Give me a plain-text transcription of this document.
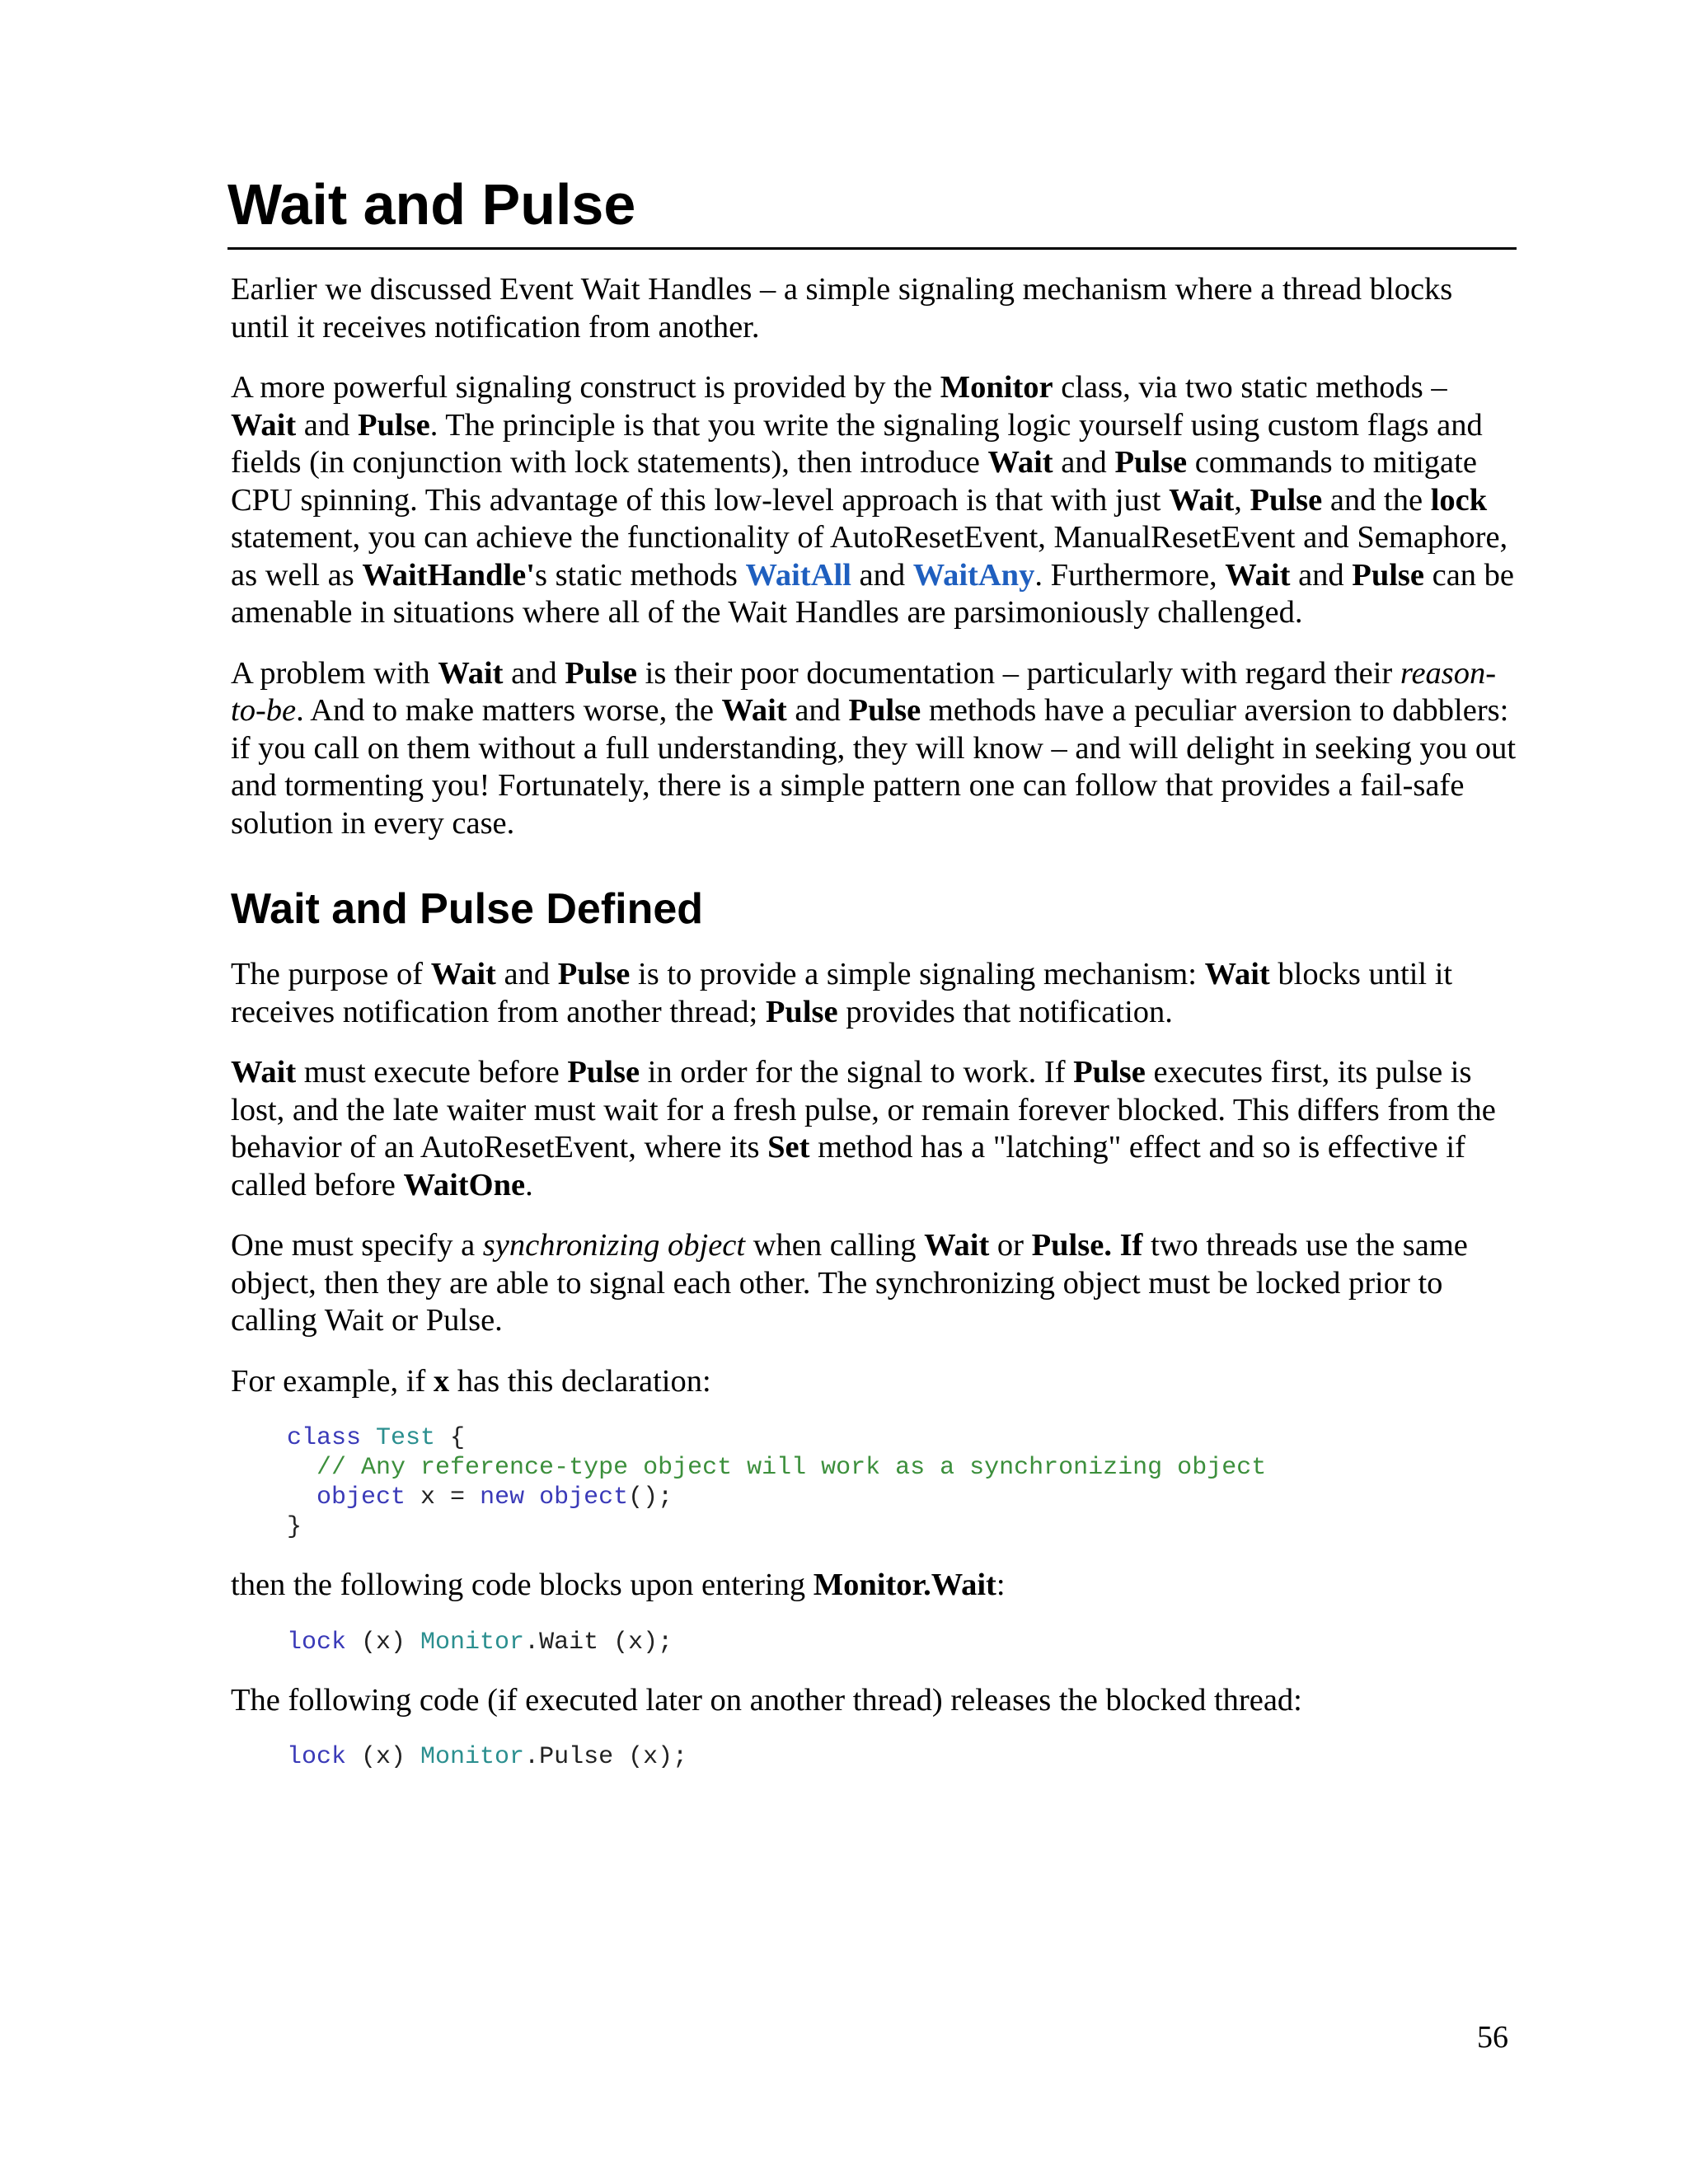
Wait and Pulse

Earlier we discussed Event Wait Handles – a simple signaling mechanism where a thread blocks until it receives notification from another.

A more powerful signaling construct is provided by the Monitor class, via two static methods – Wait and Pulse. The principle is that you write the signaling logic yourself using custom flags and fields (in conjunction with lock statements), then introduce Wait and Pulse commands to mitigate CPU spinning. This advantage of this low-level approach is that with just Wait, Pulse and the lock statement, you can achieve the functionality of AutoResetEvent, ManualResetEvent and Semaphore, as well as WaitHandle's static methods WaitAll and WaitAny. Furthermore, Wait and Pulse can be amenable in situations where all of the Wait Handles are parsimoniously challenged.

A problem with Wait and Pulse is their poor documentation – particularly with regard their reason-to-be. And to make matters worse, the Wait and Pulse methods have a peculiar aversion to dabblers: if you call on them without a full understanding, they will know – and will delight in seeking you out and tormenting you! Fortunately, there is a simple pattern one can follow that provides a fail-safe solution in every case.

Wait and Pulse Defined

The purpose of Wait and Pulse is to provide a simple signaling mechanism: Wait blocks until it receives notification from another thread; Pulse provides that notification.

Wait must execute before Pulse in order for the signal to work. If Pulse executes first, its pulse is lost, and the late waiter must wait for a fresh pulse, or remain forever blocked. This differs from the behavior of an AutoResetEvent, where its Set method has a "latching" effect and so is effective if called before WaitOne.

One must specify a synchronizing object when calling Wait or Pulse. If two threads use the same object, then they are able to signal each other. The synchronizing object must be locked prior to calling Wait or Pulse.

For example, if x has this declaration:

class Test {
// Any reference-type object will work as a synchronizing object
object x = new object();
}

then the following code blocks upon entering Monitor.Wait:

lock (x) Monitor.Wait (x);

The following code (if executed later on another thread) releases the blocked thread:

lock (x) Monitor.Pulse (x);
56
